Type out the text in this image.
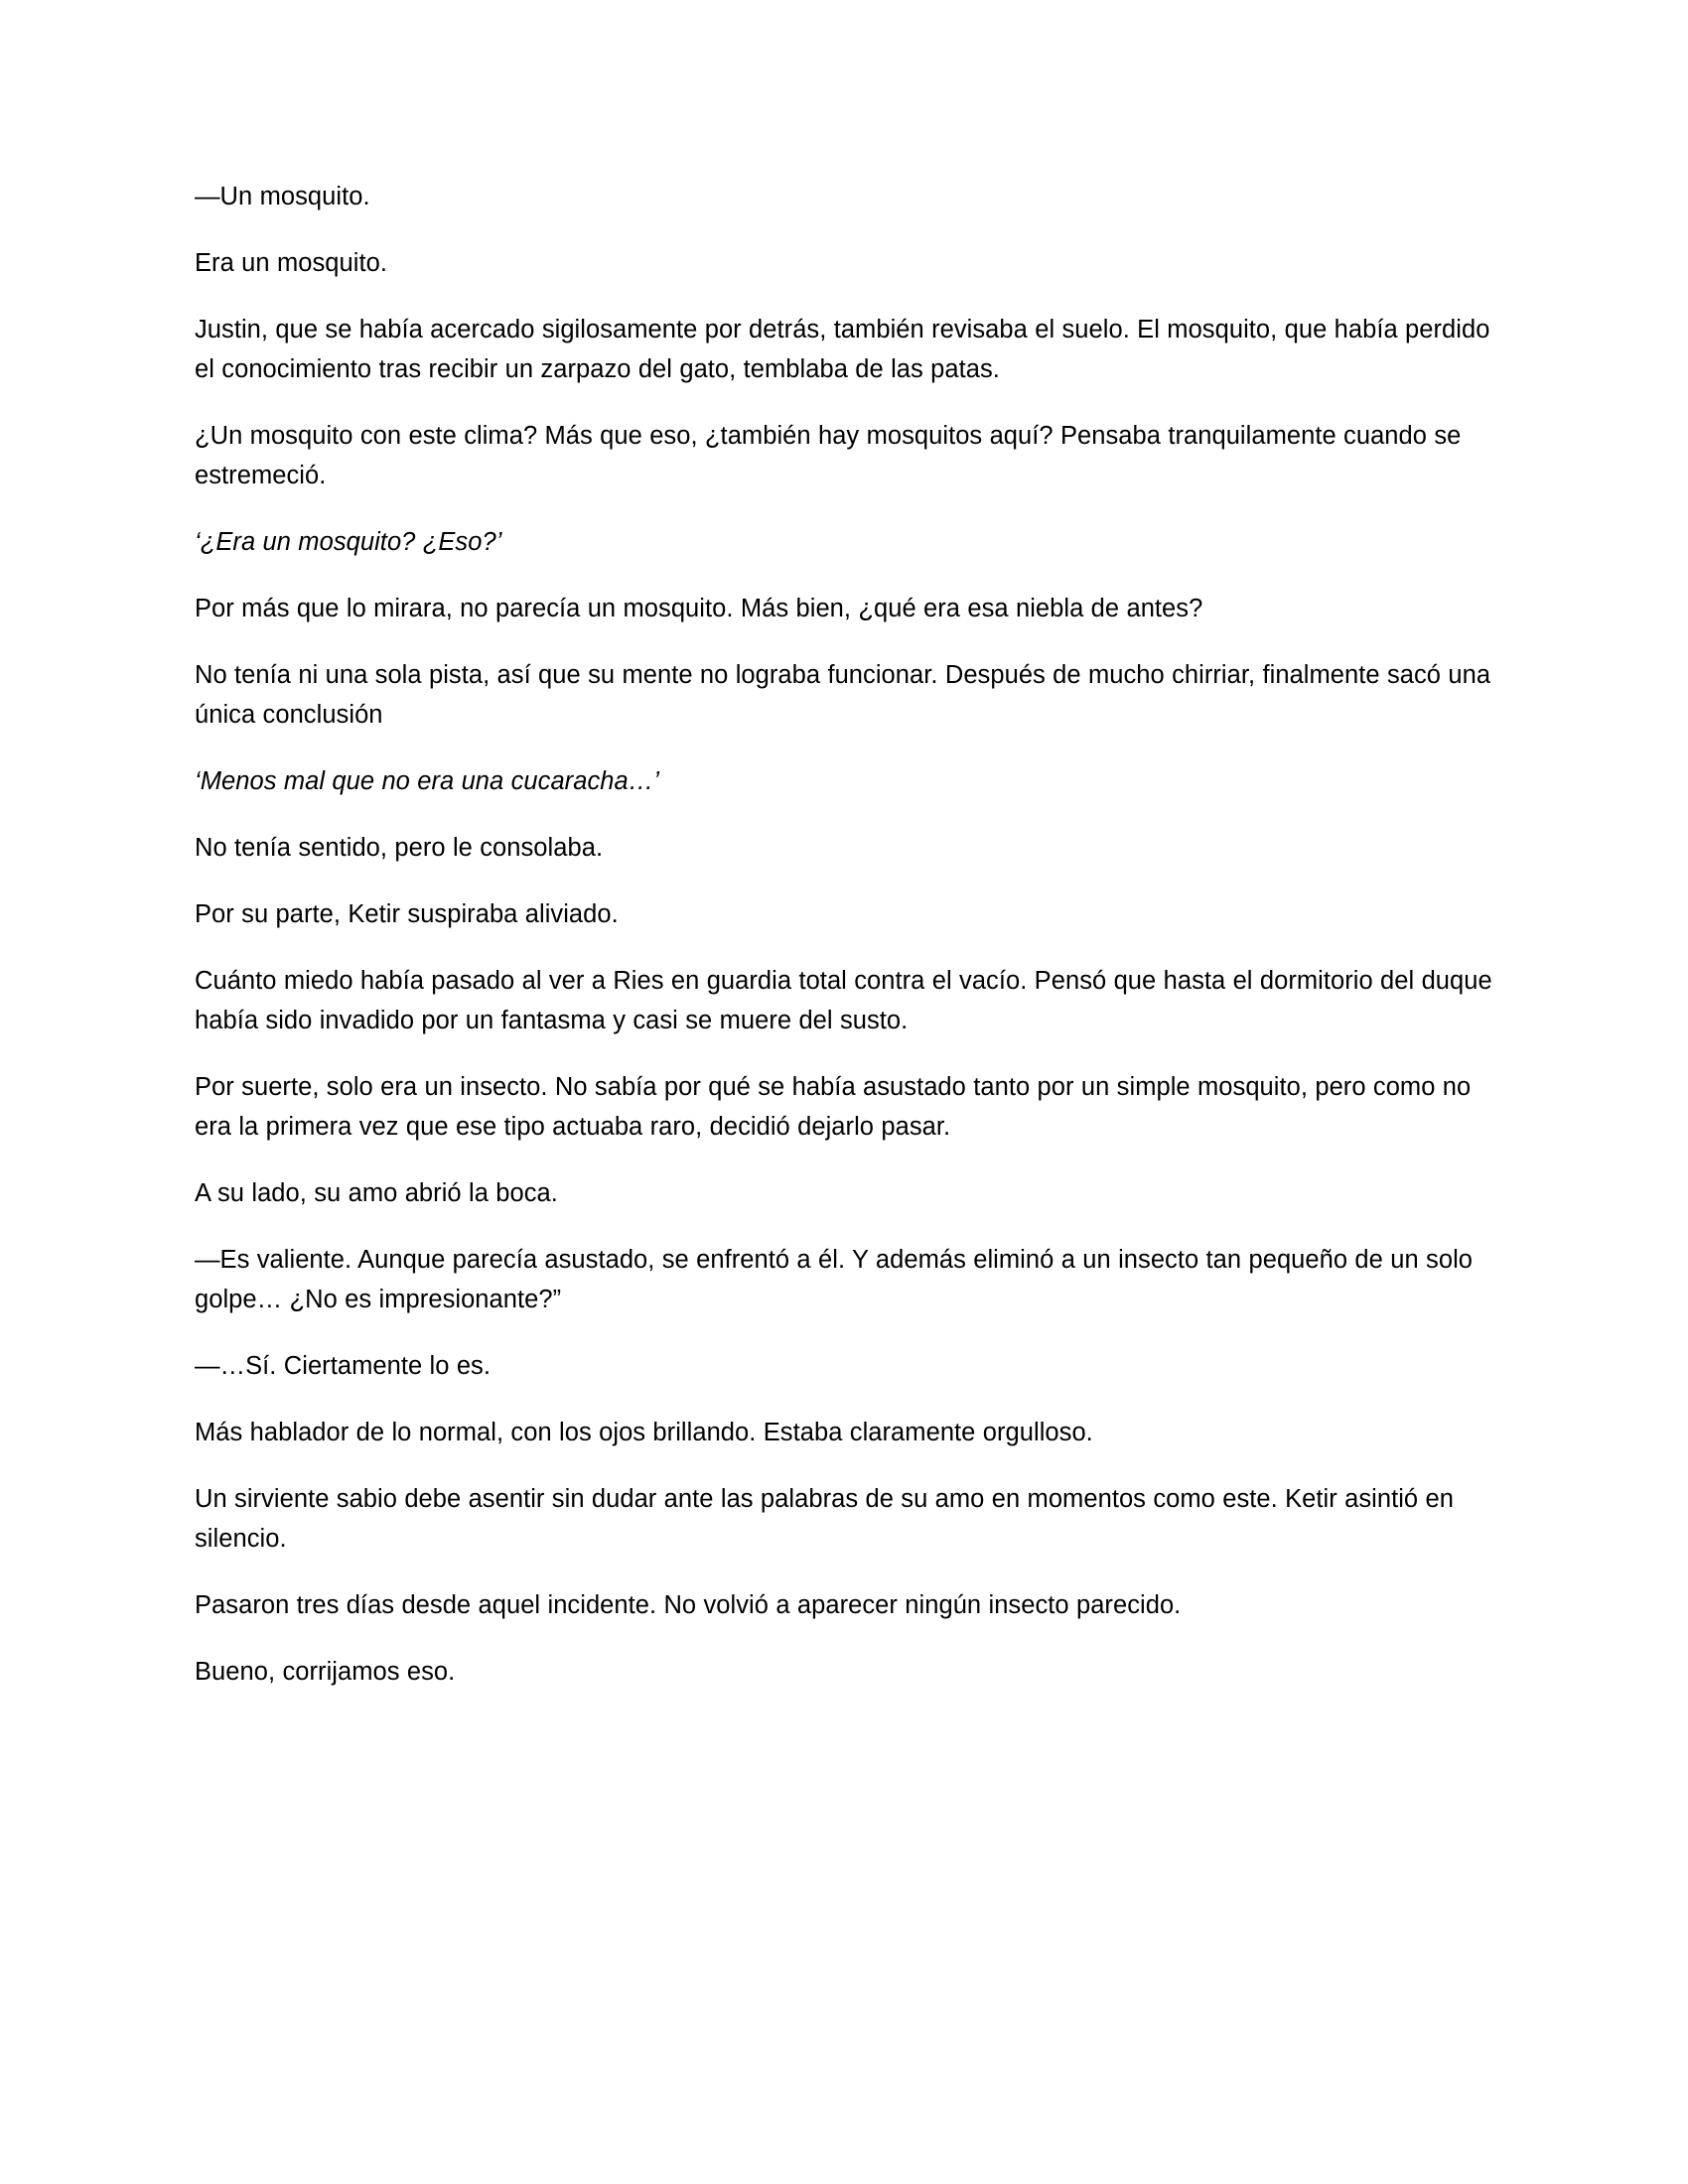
—Un mosquito.

Era un mosquito.

Justin, que se había acercado sigilosamente por detrás, también revisaba el suelo. El mosquito, que había perdido el conocimiento tras recibir un zarpazo del gato, temblaba de las patas.

¿Un mosquito con este clima? Más que eso, ¿también hay mosquitos aquí? Pensaba tranquilamente cuando se estremeció.

‘¿Era un mosquito? ¿Eso?’

Por más que lo mirara, no parecía un mosquito. Más bien, ¿qué era esa niebla de antes?

No tenía ni una sola pista, así que su mente no lograba funcionar. Después de mucho chirriar, finalmente sacó una única conclusión

‘Menos mal que no era una cucaracha…’

No tenía sentido, pero le consolaba.

Por su parte, Ketir suspiraba aliviado.

Cuánto miedo había pasado al ver a Ries en guardia total contra el vacío. Pensó que hasta el dormitorio del duque había sido invadido por un fantasma y casi se muere del susto.

Por suerte, solo era un insecto. No sabía por qué se había asustado tanto por un simple mosquito, pero como no era la primera vez que ese tipo actuaba raro, decidió dejarlo pasar.

A su lado, su amo abrió la boca.

—Es valiente. Aunque parecía asustado, se enfrentó a él. Y además eliminó a un insecto tan pequeño de un solo golpe… ¿No es impresionante?”

—…Sí. Ciertamente lo es.

Más hablador de lo normal, con los ojos brillando. Estaba claramente orgulloso.

Un sirviente sabio debe asentir sin dudar ante las palabras de su amo en momentos como este. Ketir asintió en silencio.

Pasaron tres días desde aquel incidente. No volvió a aparecer ningún insecto parecido.

Bueno, corrijamos eso.
